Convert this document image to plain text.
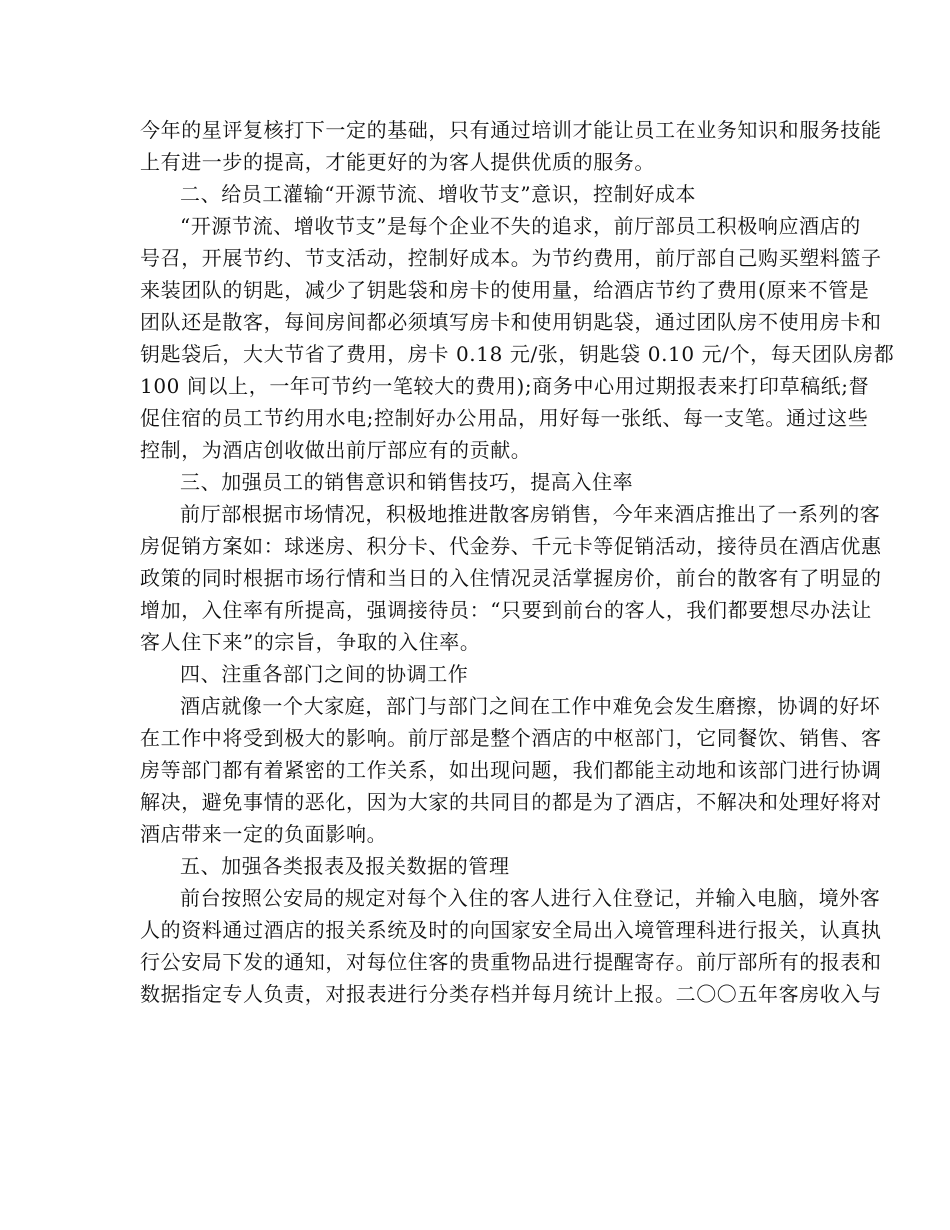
今年的星评复核打下一定的基础，只有通过培训才能让员工在业务知识和服务技能
上有进一步的提高，才能更好的为客人提供优质的服务。
二、给员工灌输“开源节流、增收节支”意识，控制好成本
“开源节流、增收节支”是每个企业不失的追求，前厅部员工积极响应酒店的
号召，开展节约、节支活动，控制好成本。为节约费用，前厅部自己购买塑料篮子
来装团队的钥匙，减少了钥匙袋和房卡的使用量，给酒店节约了费用(原来不管是
团队还是散客，每间房间都必须填写房卡和使用钥匙袋，通过团队房不使用房卡和
钥匙袋后，大大节省了费用，房卡 0.18 元/张，钥匙袋 0.10 元/个，每天团队房都
100 间以上，一年可节约一笔较大的费用);商务中心用过期报表来打印草稿纸;督
促住宿的员工节约用水电;控制好办公用品，用好每一张纸、每一支笔。通过这些
控制，为酒店创收做出前厅部应有的贡献。
三、加强员工的销售意识和销售技巧，提高入住率
前厅部根据市场情况，积极地推进散客房销售，今年来酒店推出了一系列的客
房促销方案如：球迷房、积分卡、代金券、千元卡等促销活动，接待员在酒店优惠
政策的同时根据市场行情和当日的入住情况灵活掌握房价，前台的散客有了明显的
增加，入住率有所提高，强调接待员：“只要到前台的客人，我们都要想尽办法让
客人住下来”的宗旨，争取的入住率。
四、注重各部门之间的协调工作
酒店就像一个大家庭，部门与部门之间在工作中难免会发生磨擦，协调的好坏
在工作中将受到极大的影响。前厅部是整个酒店的中枢部门，它同餐饮、销售、客
房等部门都有着紧密的工作关系，如出现问题，我们都能主动地和该部门进行协调
解决，避免事情的恶化，因为大家的共同目的都是为了酒店，不解决和处理好将对
酒店带来一定的负面影响。
五、加强各类报表及报关数据的管理
前台按照公安局的规定对每个入住的客人进行入住登记，并输入电脑，境外客
人的资料通过酒店的报关系统及时的向国家安全局出入境管理科进行报关，认真执
行公安局下发的通知，对每位住客的贵重物品进行提醒寄存。前厅部所有的报表和
数据指定专人负责，对报表进行分类存档并每月统计上报。二〇〇五年客房收入与
